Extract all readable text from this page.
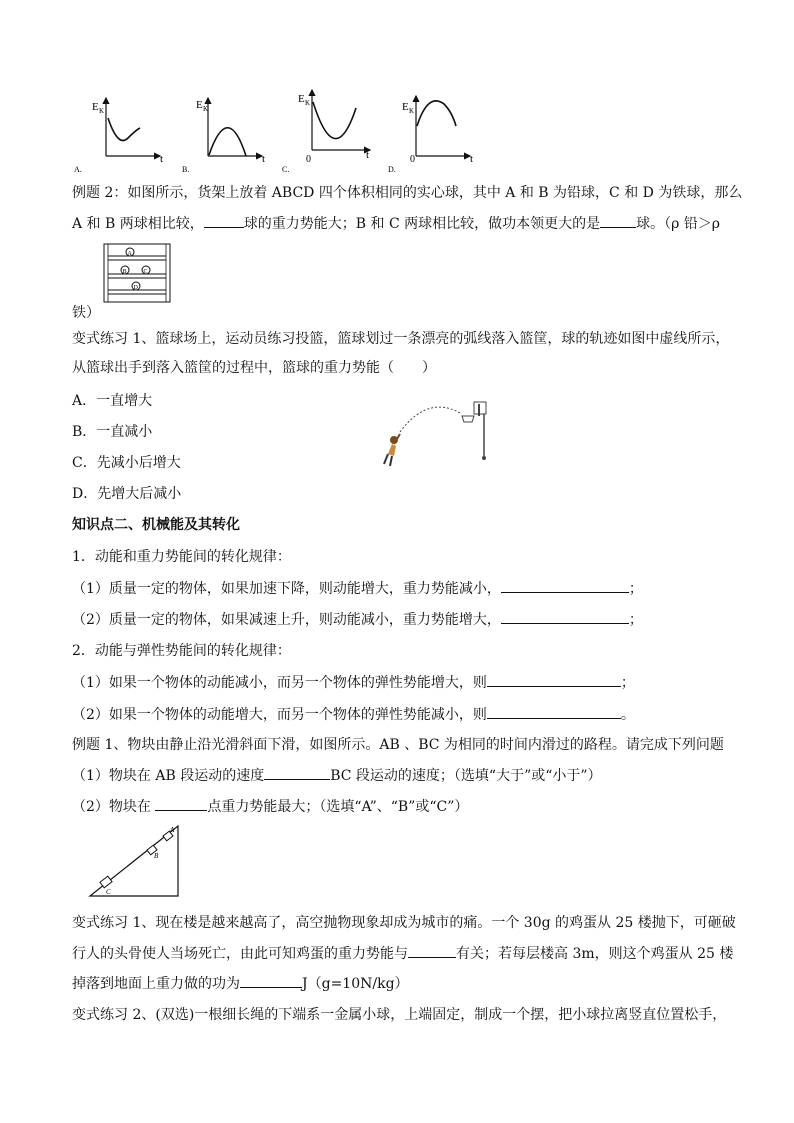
E K
t
A.
E K
t
B.
E K
0	t
C.
E K
0	t
D.
例题 2：如图所示，货架上放着 ABCD 四个体积相同的实心球，其中 A 和 B 为铅球，C 和 D 为铁球，那么
A 和 B 两球相比较，	球的重力势能大；B 和 C 两球相比较，做功本领更大的是	球。（ρ 铅＞ρ
A
B	C
D
铁）
变式练习 1、篮球场上，运动员练习投篮，篮球划过一条漂亮的弧线落入篮筐，球的轨迹如图中虚线所示，
从篮球出手到落入篮筐的过程中，篮球的重力势能（　　）
A．一直增大
B．一直减小
C．先减小后增大
D．先增大后减小
知识点二、机械能及其转化
1．动能和重力势能间的转化规律：
（1）质量一定的物体，如果加速下降，则动能增大，重力势能减小，	；
（2）质量一定的物体，如果减速上升，则动能减小，重力势能增大，	；
2．动能与弹性势能间的转化规律：
（1）如果一个物体的动能减小，而另一个物体的弹性势能增大，则	；
（2）如果一个物体的动能增大，而另一个物体的弹性势能减小，则	。
例题 1、物块由静止沿光滑斜面下滑，如图所示。AB 、BC 为相同的时间内滑过的路程。请完成下列问题
（1）物块在 AB 段运动的速度	BC 段运动的速度；（选填“大于”或“小于”）
（2）物块在	点重力势能最大；（选填“A”、“B”或“C”）
A
B
C
变式练习 1、现在楼是越来越高了，高空抛物现象却成为城市的痛。一个 30g 的鸡蛋从 25 楼抛下，可砸破
行人的头骨使人当场死亡，由此可知鸡蛋的重力势能与	有关；若每层楼高 3m，则这个鸡蛋从 25 楼
掉落到地面上重力做的功为	J（g=10N/kg）
变式练习 2、(双选)一根细长绳的下端系一金属小球，上端固定，制成一个摆，把小球拉离竖直位置松手，
